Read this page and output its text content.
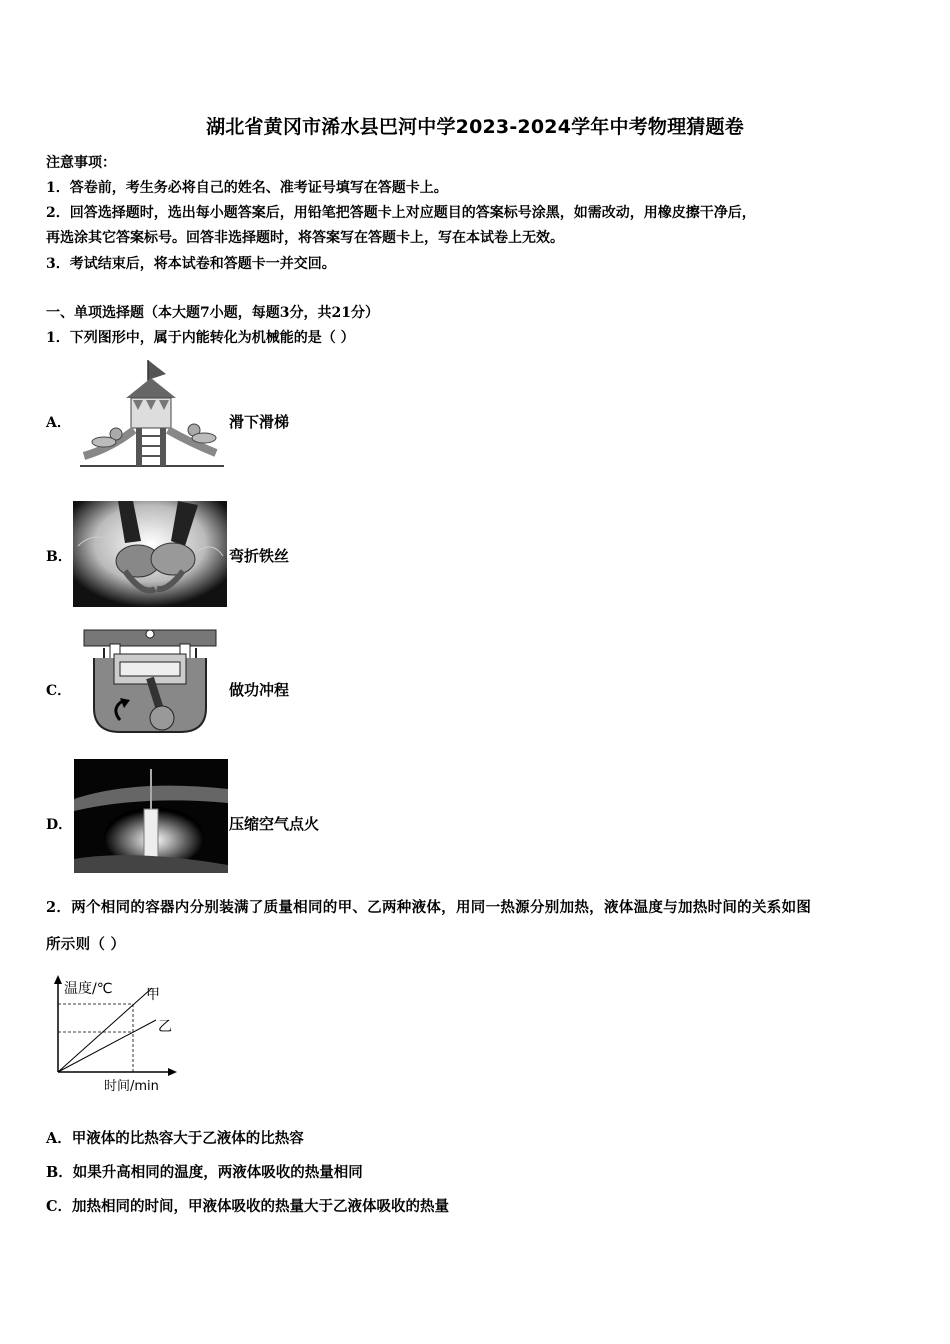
湖北省黄冈市浠水县巴河中学2023-2024学年中考物理猜题卷
注意事项：
1．答卷前，考生务必将自己的姓名、准考证号填写在答题卡上。
2．回答选择题时，选出每小题答案后，用铅笔把答题卡上对应题目的答案标号涂黑，如需改动，用橡皮擦干净后，
再选涂其它答案标号。回答非选择题时，将答案写在答题卡上，写在本试卷上无效。
3．考试结束后，将本试卷和答题卡一并交回。
一、单项选择题（本大题7小题，每题3分，共21分）
1．下列图形中，属于内能转化为机械能的是（ ）
A．	滑下滑梯
B．	弯折铁丝
C．	做功冲程
D．	压缩空气点火
2．两个相同的容器内分别装满了质量相同的甲、乙两种液体，用同一热源分别加热，液体温度与加热时间的关系如图
所示则（ ）
温度/℃ 甲
乙
时间/min
A．甲液体的比热容大于乙液体的比热容
B．如果升高相同的温度，两液体吸收的热量相同
C．加热相同的时间，甲液体吸收的热量大于乙液体吸收的热量
